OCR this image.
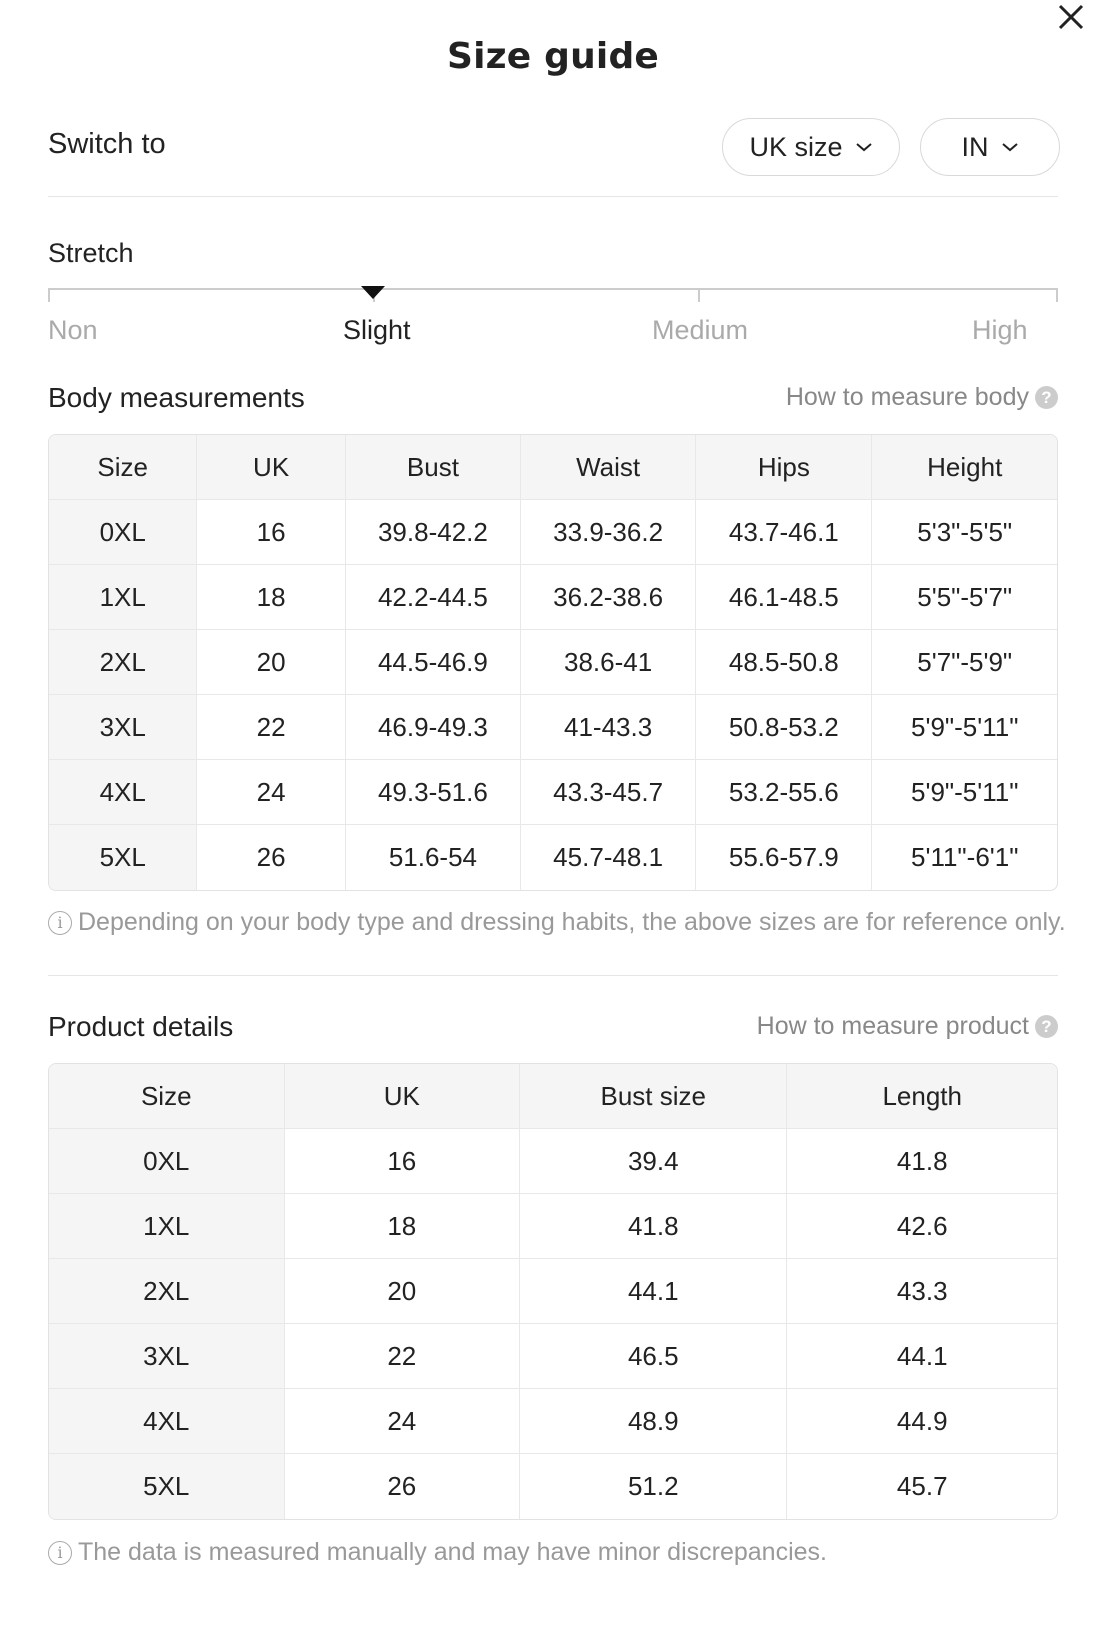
Size guide
Switch to	UK size	IN
Stretch
Non	Slight	Medium	High
Body measurements	How to measure body ?
Size	UK	Bust	Waist	Hips	Height
0XL	16	39.8-42.2	33.9-36.2	43.7-46.1	5'3"-5'5"
1XL	18	42.2-44.5	36.2-38.6	46.1-48.5	5'5"-5'7"
2XL	20	44.5-46.9	38.6-41	48.5-50.8	5'7"-5'9"
3XL	22	46.9-49.3	41-43.3	50.8-53.2	5'9"-5'11"
4XL	24	49.3-51.6	43.3-45.7	53.2-55.6	5'9"-5'11"
5XL	26	51.6-54	45.7-48.1	55.6-57.9	5'11"-6'1"
i Depending on your body type and dressing habits, the above sizes are for reference only.
Product details	How to measure product ?
Size	UK	Bust size	Length
0XL	16	39.4	41.8
1XL	18	41.8	42.6
2XL	20	44.1	43.3
3XL	22	46.5	44.1
4XL	24	48.9	44.9
5XL	26	51.2	45.7
i The data is measured manually and may have minor discrepancies.
